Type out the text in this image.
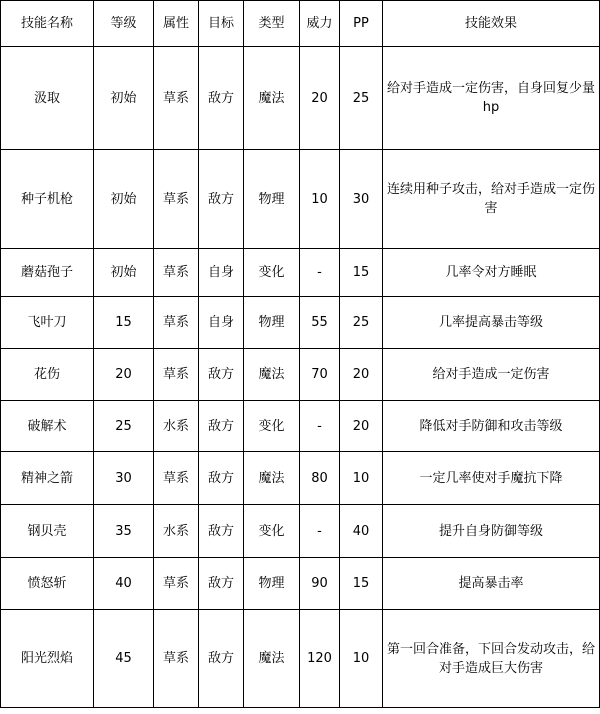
技能名称	等级	属性	目标	类型	威力	PP	技能效果
汲取	初始	草系	敌方	魔法	20	25	给对手造成一定伤害，自身回复少量hp
种子机枪	初始	草系	敌方	物理	10	30	连续用种子攻击，给对手造成一定伤害
蘑菇孢子	初始	草系	自身	变化	-	15	几率令对方睡眠
飞叶刀	15	草系	自身	物理	55	25	几率提高暴击等级
花伤	20	草系	敌方	魔法	70	20	给对手造成一定伤害
破解术	25	水系	敌方	变化	-	20	降低对手防御和攻击等级
精神之箭	30	草系	敌方	魔法	80	10	一定几率使对手魔抗下降
钢贝壳	35	水系	敌方	变化	-	40	提升自身防御等级
愤怒斩	40	草系	敌方	物理	90	15	提高暴击率
阳光烈焰	45	草系	敌方	魔法	120	10	第一回合准备，下回合发动攻击，给对手造成巨大伤害
